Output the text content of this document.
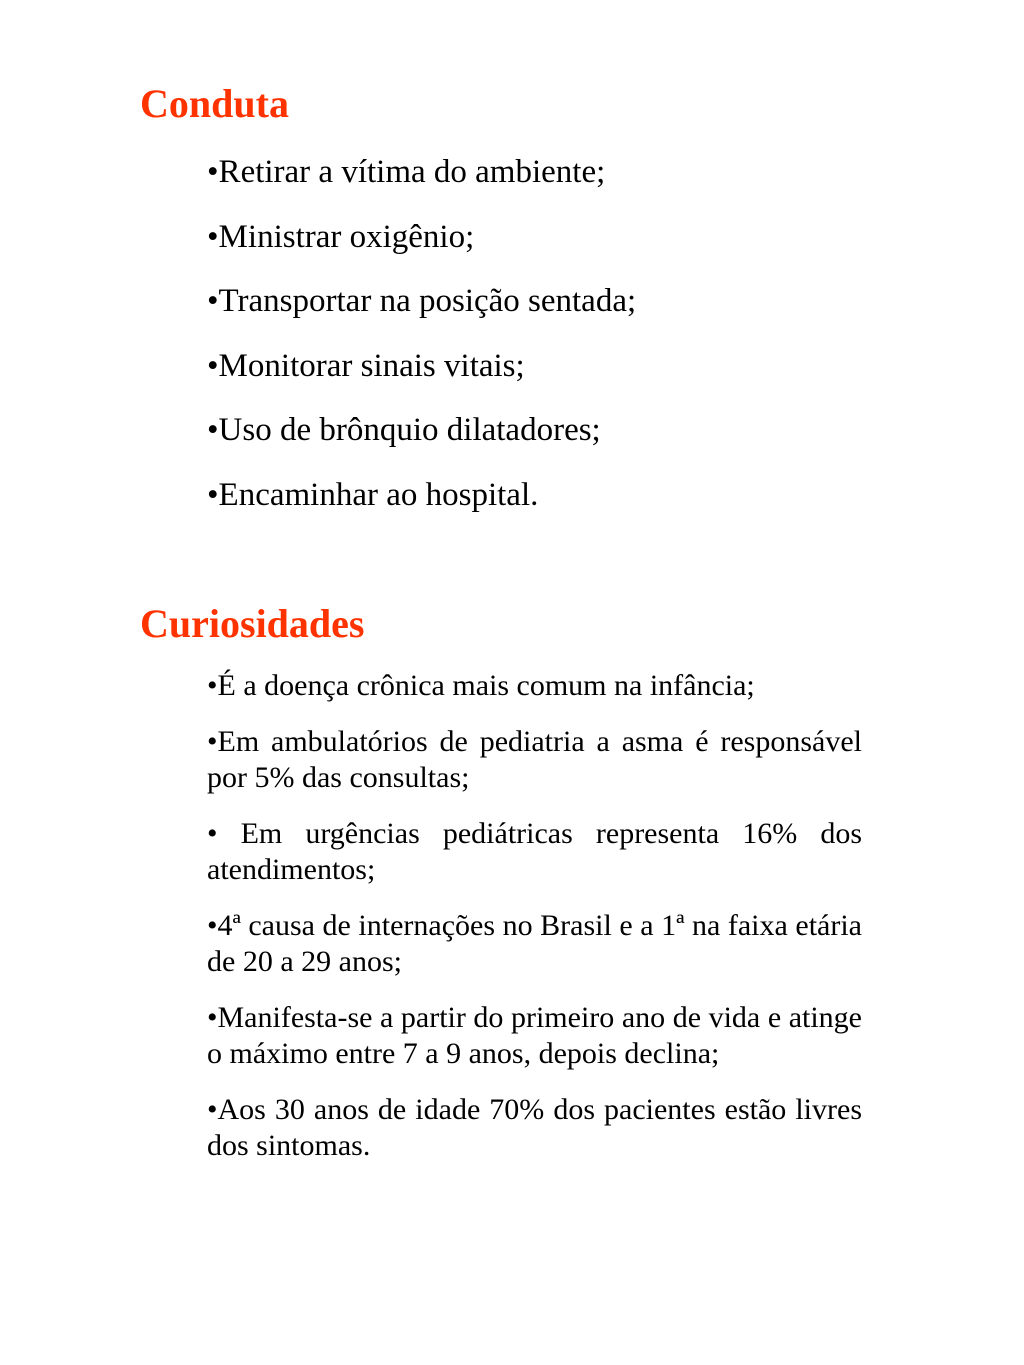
Conduta
•Retirar a vítima do ambiente;
•Ministrar oxigênio;
•Transportar na posição sentada;
•Monitorar sinais vitais;
•Uso de brônquio dilatadores;
•Encaminhar ao hospital.
Curiosidades
•É a doença crônica mais comum na infância;
•Em ambulatórios de pediatria a asma é responsável por 5% das consultas;
• Em urgências pediátricas representa 16% dos atendimentos;
•4ª causa de internações no Brasil e a 1ª na faixa etária de 20 a 29 anos;
•Manifesta-se a partir do primeiro ano de vida e atinge o máximo entre 7 a 9 anos, depois declina;
•Aos 30 anos de idade 70% dos pacientes estão livres dos sintomas.
